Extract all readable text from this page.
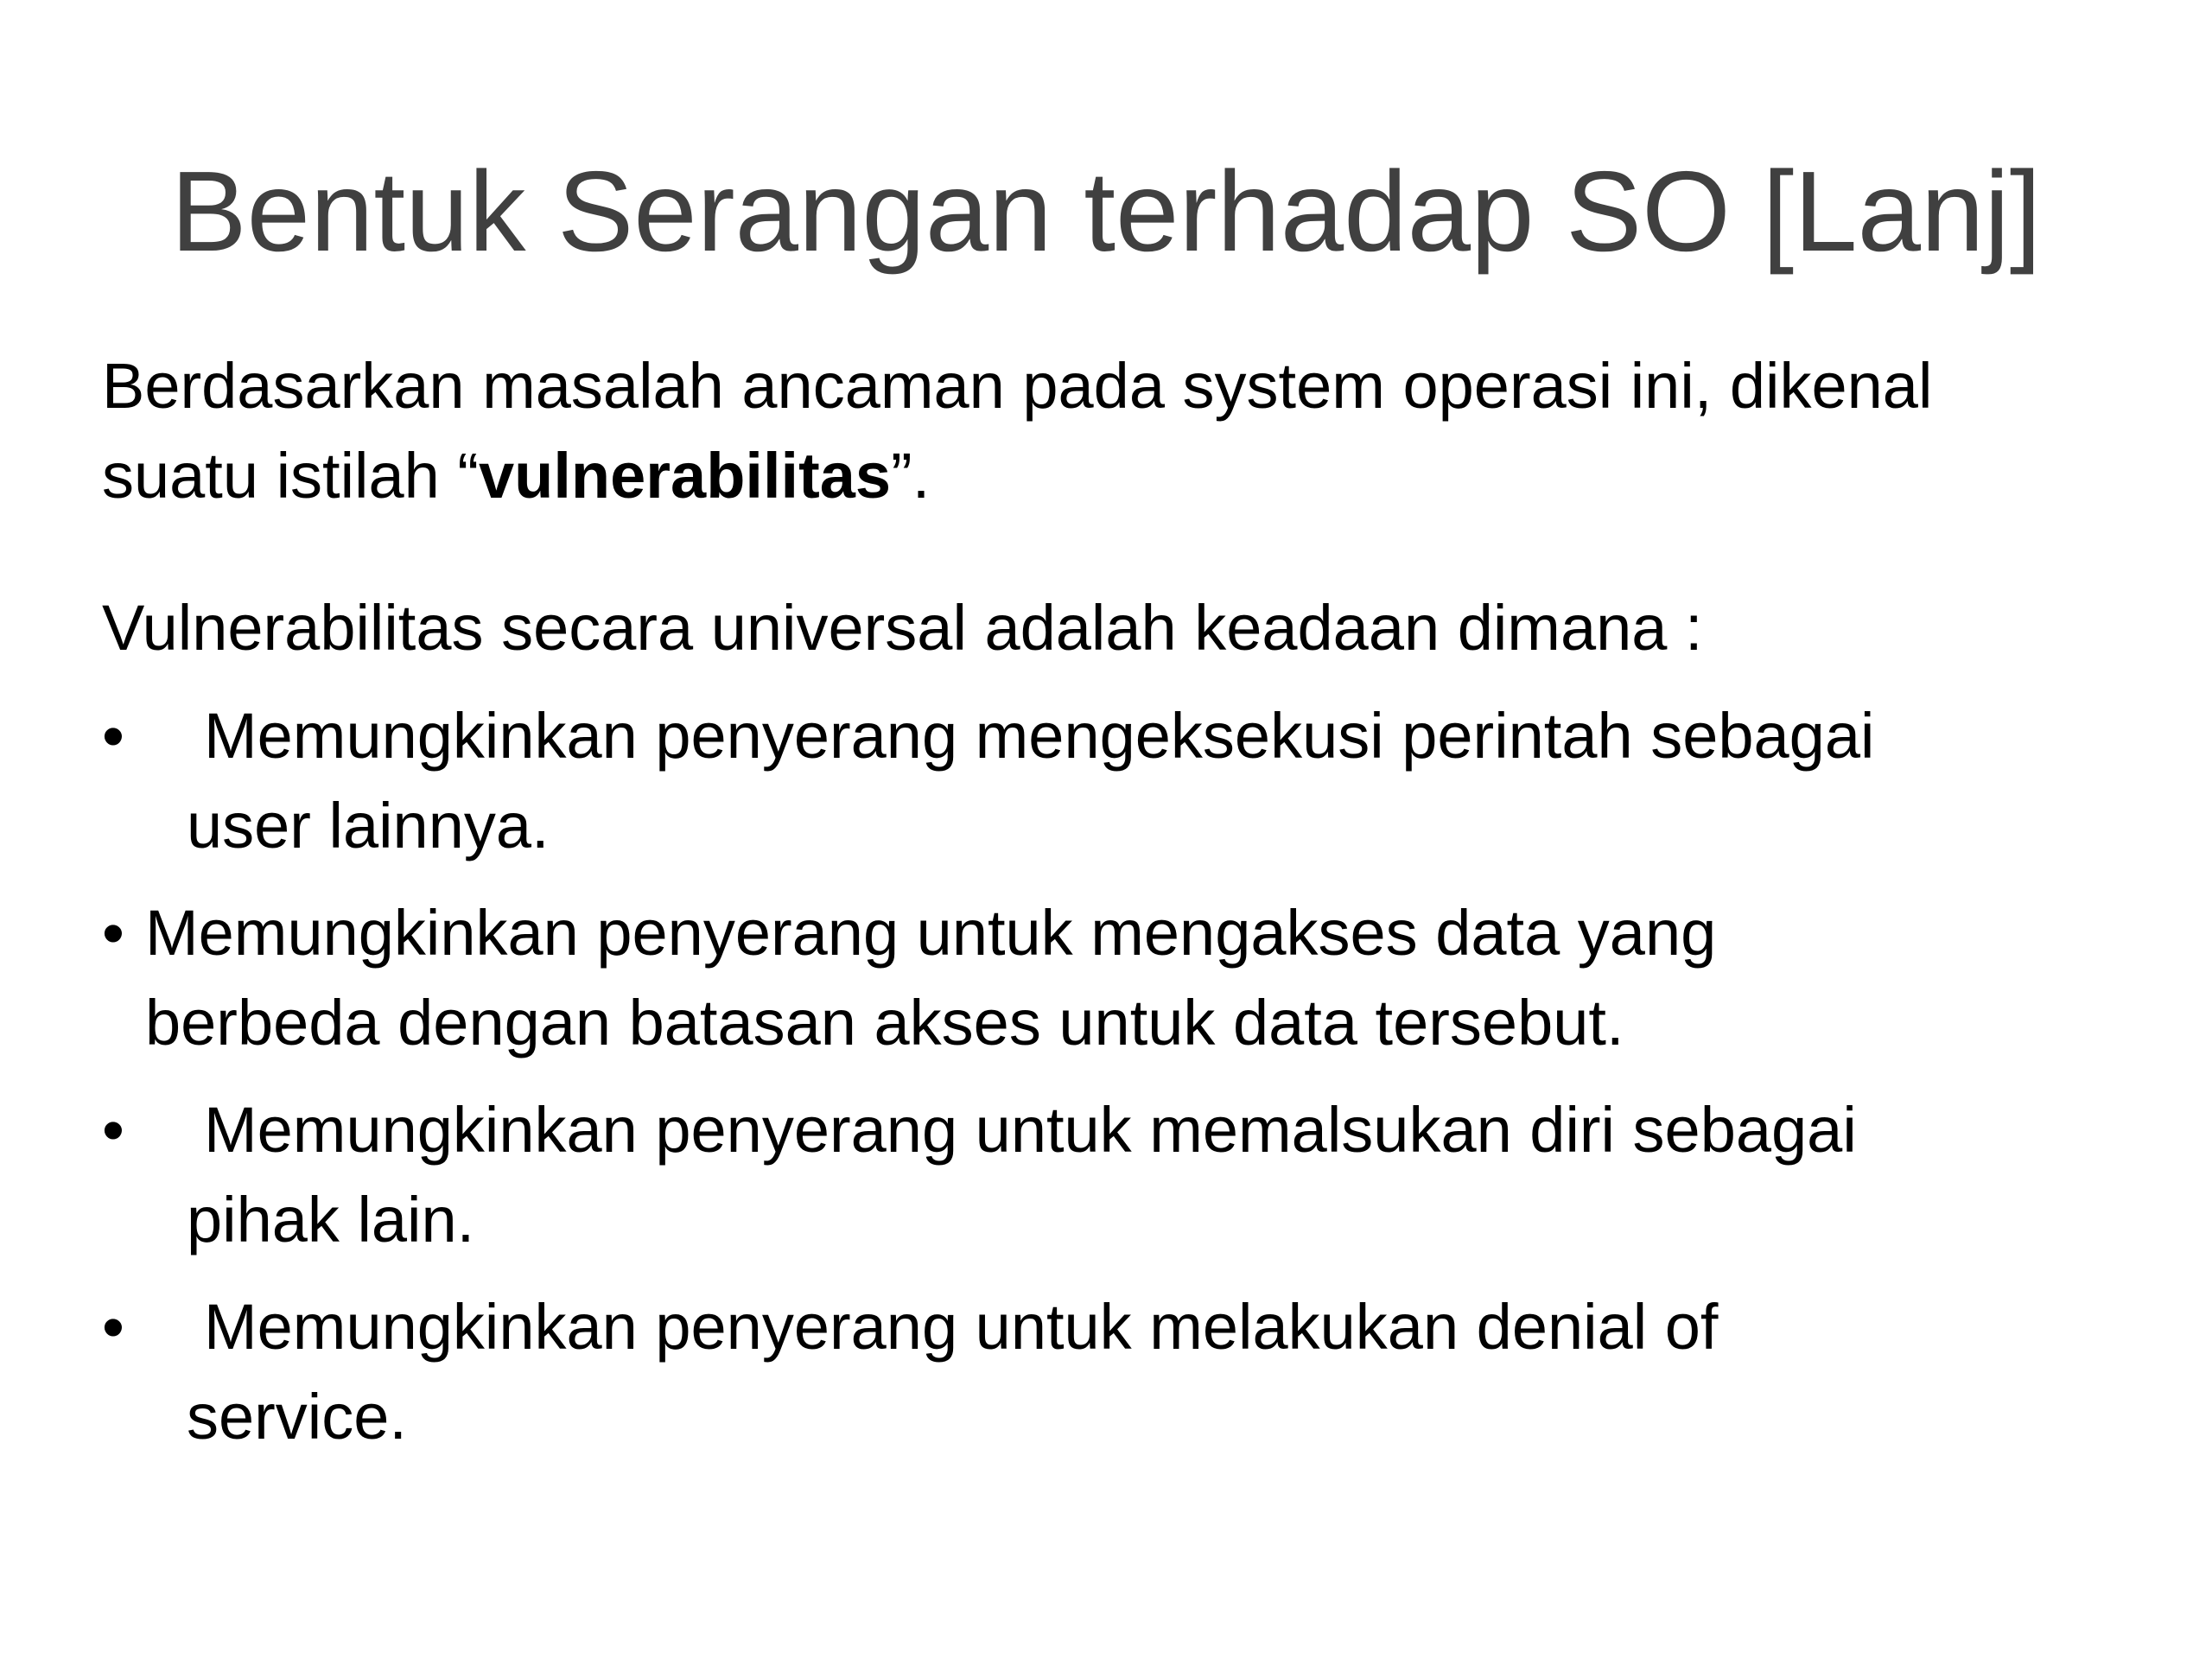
Bentuk Serangan terhadap SO [Lanj]
Berdasarkan masalah ancaman pada system operasi ini, dikenal
suatu istilah “vulnerabilitas”.
Vulnerabilitas secara universal adalah keadaan dimana :
•	Memungkinkan penyerang mengeksekusi perintah sebagai
user lainnya.
• Memungkinkan penyerang untuk mengakses data yang
berbeda dengan batasan akses untuk data tersebut.
•	Memungkinkan penyerang untuk memalsukan diri sebagai
pihak lain.
•	Memungkinkan penyerang untuk melakukan denial of
service.
